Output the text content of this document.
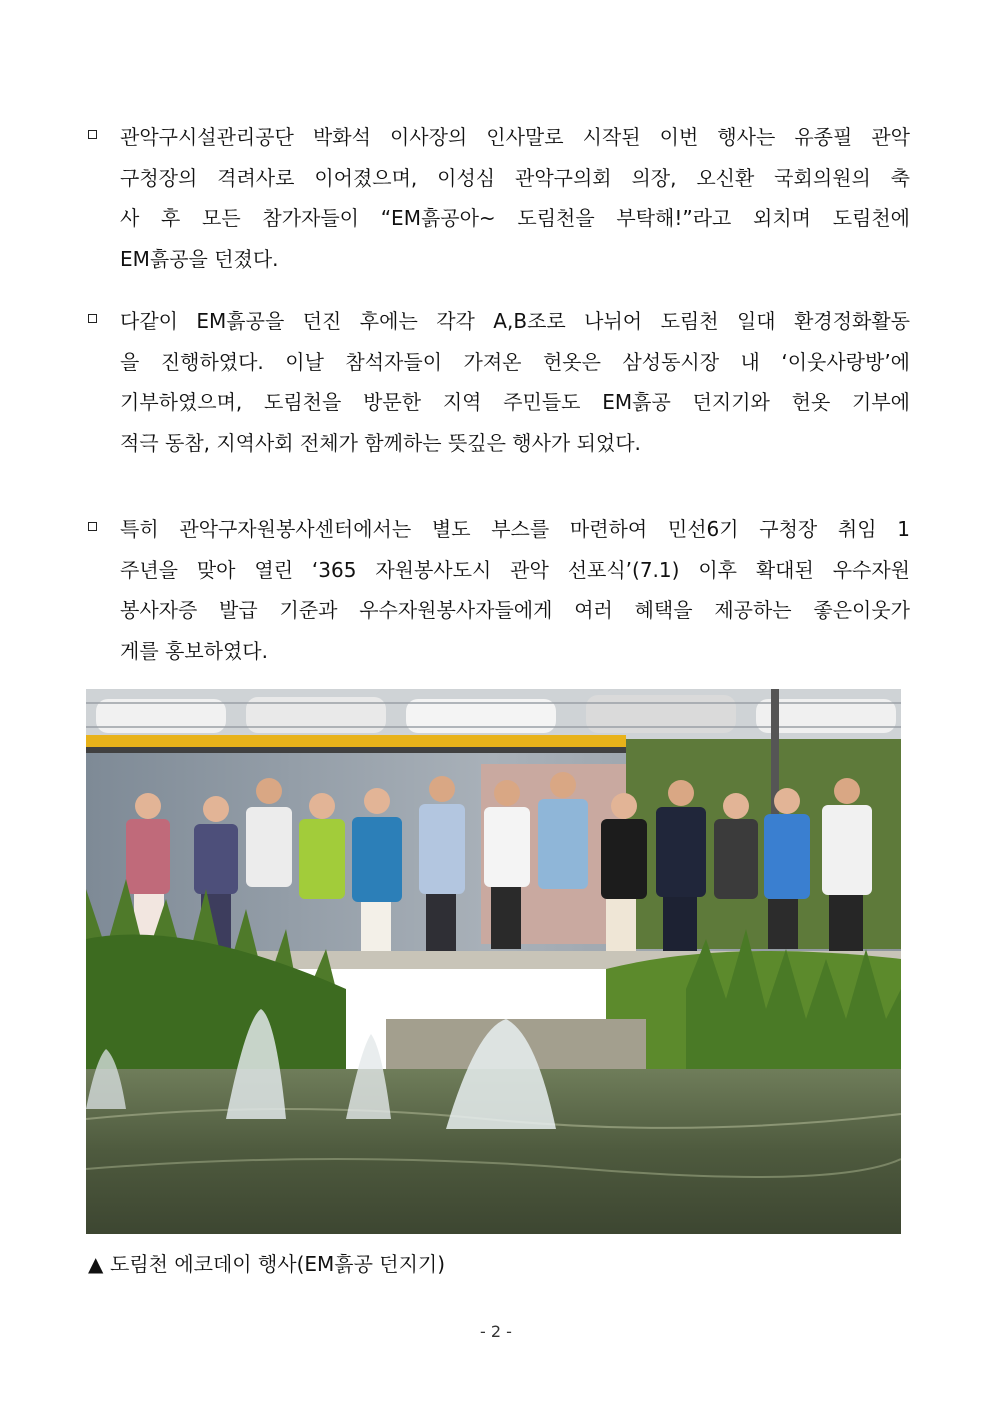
관악구시설관리공단 박화석 이사장의 인사말로 시작된 이번 행사는 유종필 관악
구청장의 격려사로 이어졌으며, 이성심 관악구의회 의장, 오신환 국회의원의 축
사 후 모든 참가자들이 “EM흙공아~ 도림천을 부탁해!”라고 외치며 도림천에
EM흙공을 던졌다.
다같이 EM흙공을 던진 후에는 각각 A,B조로 나뉘어 도림천 일대 환경정화활동
을 진행하였다. 이날 참석자들이 가져온 헌옷은 삼성동시장 내 ‘이웃사랑방’에
기부하였으며, 도림천을 방문한 지역 주민들도 EM흙공 던지기와 헌옷 기부에
적극 동참, 지역사회 전체가 함께하는 뜻깊은 행사가 되었다.
특히 관악구자원봉사센터에서는 별도 부스를 마련하여 민선6기 구청장 취임 1
주년을 맞아 열린 ‘365 자원봉사도시 관악 선포식’(7.1) 이후 확대된 우수자원
봉사자증 발급 기준과 우수자원봉사자들에게 여러 혜택을 제공하는 좋은이웃가
게를 홍보하였다.
▲ 도림천 에코데이 행사(EM흙공 던지기)
- 2 -
